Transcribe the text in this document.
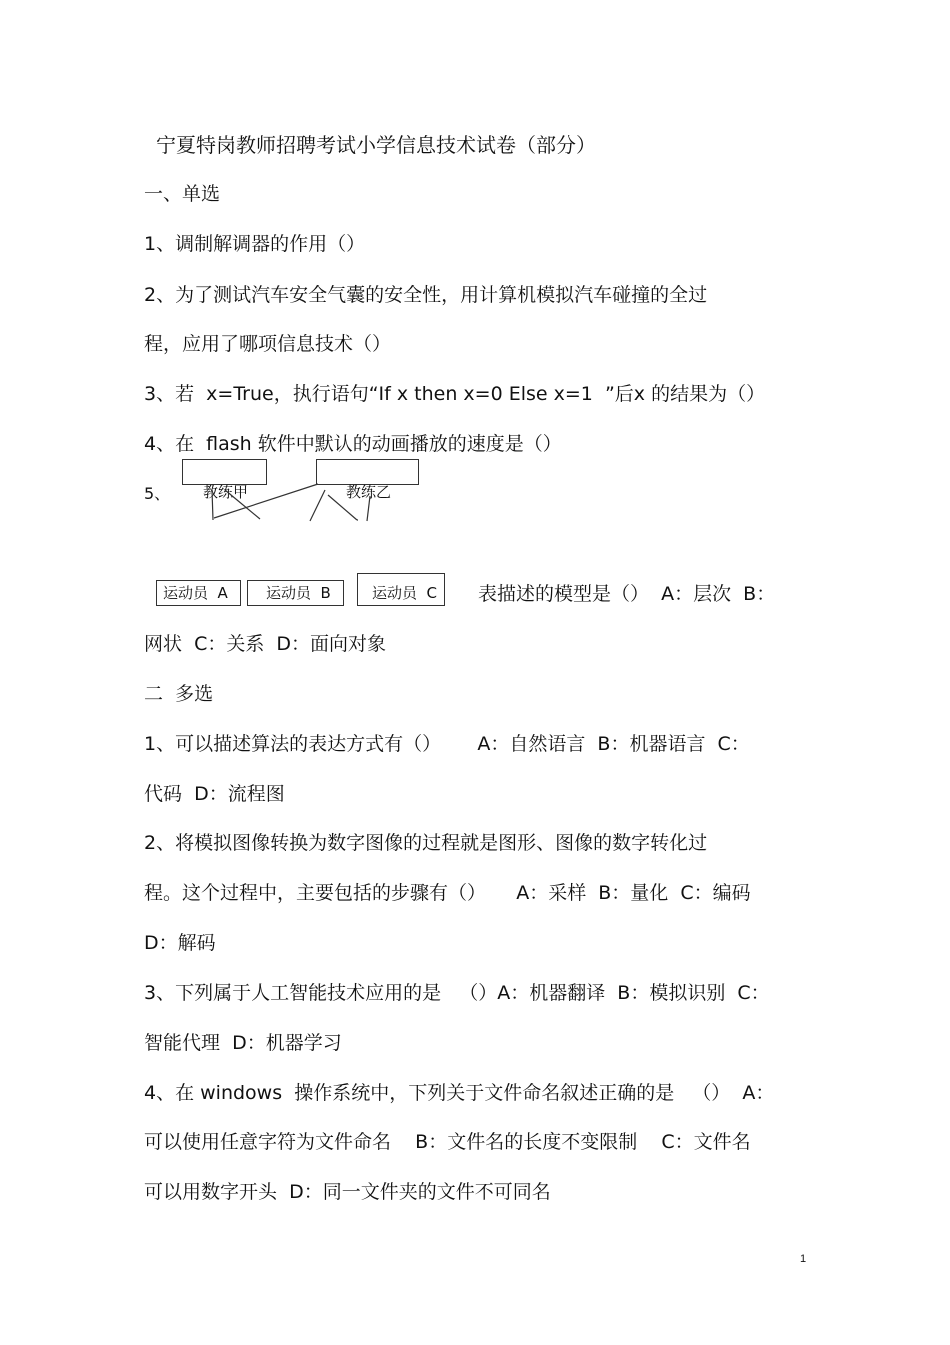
宁夏特岗教师招聘考试小学信息技术试卷（部分）
一、单选
1、调制解调器的作用（）
2、为了测试汽车安全气囊的安全性，用计算机模拟汽车碰撞的全过
程，应用了哪项信息技术（）
3、若  x=True，执行语句“If x then x=0 Else x=1  ”后x 的结果为（）
4、在  flash 软件中默认的动画播放的速度是（）
5、 教练甲	教练乙
运动员  A	运动员  B	运动员  C 表描述的模型是（）  A：层次  B：
网状  C：关系  D：面向对象
二  多选
1、可以描述算法的表达方式有（）      A：自然语言  B：机器语言  C：
代码  D：流程图
2、将模拟图像转换为数字图像的过程就是图形、图像的数字转化过
程。这个过程中，主要包括的步骤有（）     A：采样  B：量化  C：编码
D：解码
3、下列属于人工智能技术应用的是   （）A：机器翻译  B：模拟识别  C：
智能代理  D：机器学习
4、在 windows  操作系统中，下列关于文件命名叙述正确的是   （）  A：
可以使用任意字符为文件命名    B：文件名的长度不变限制    C：文件名
可以用数字开头  D：同一文件夹的文件不可同名
1
